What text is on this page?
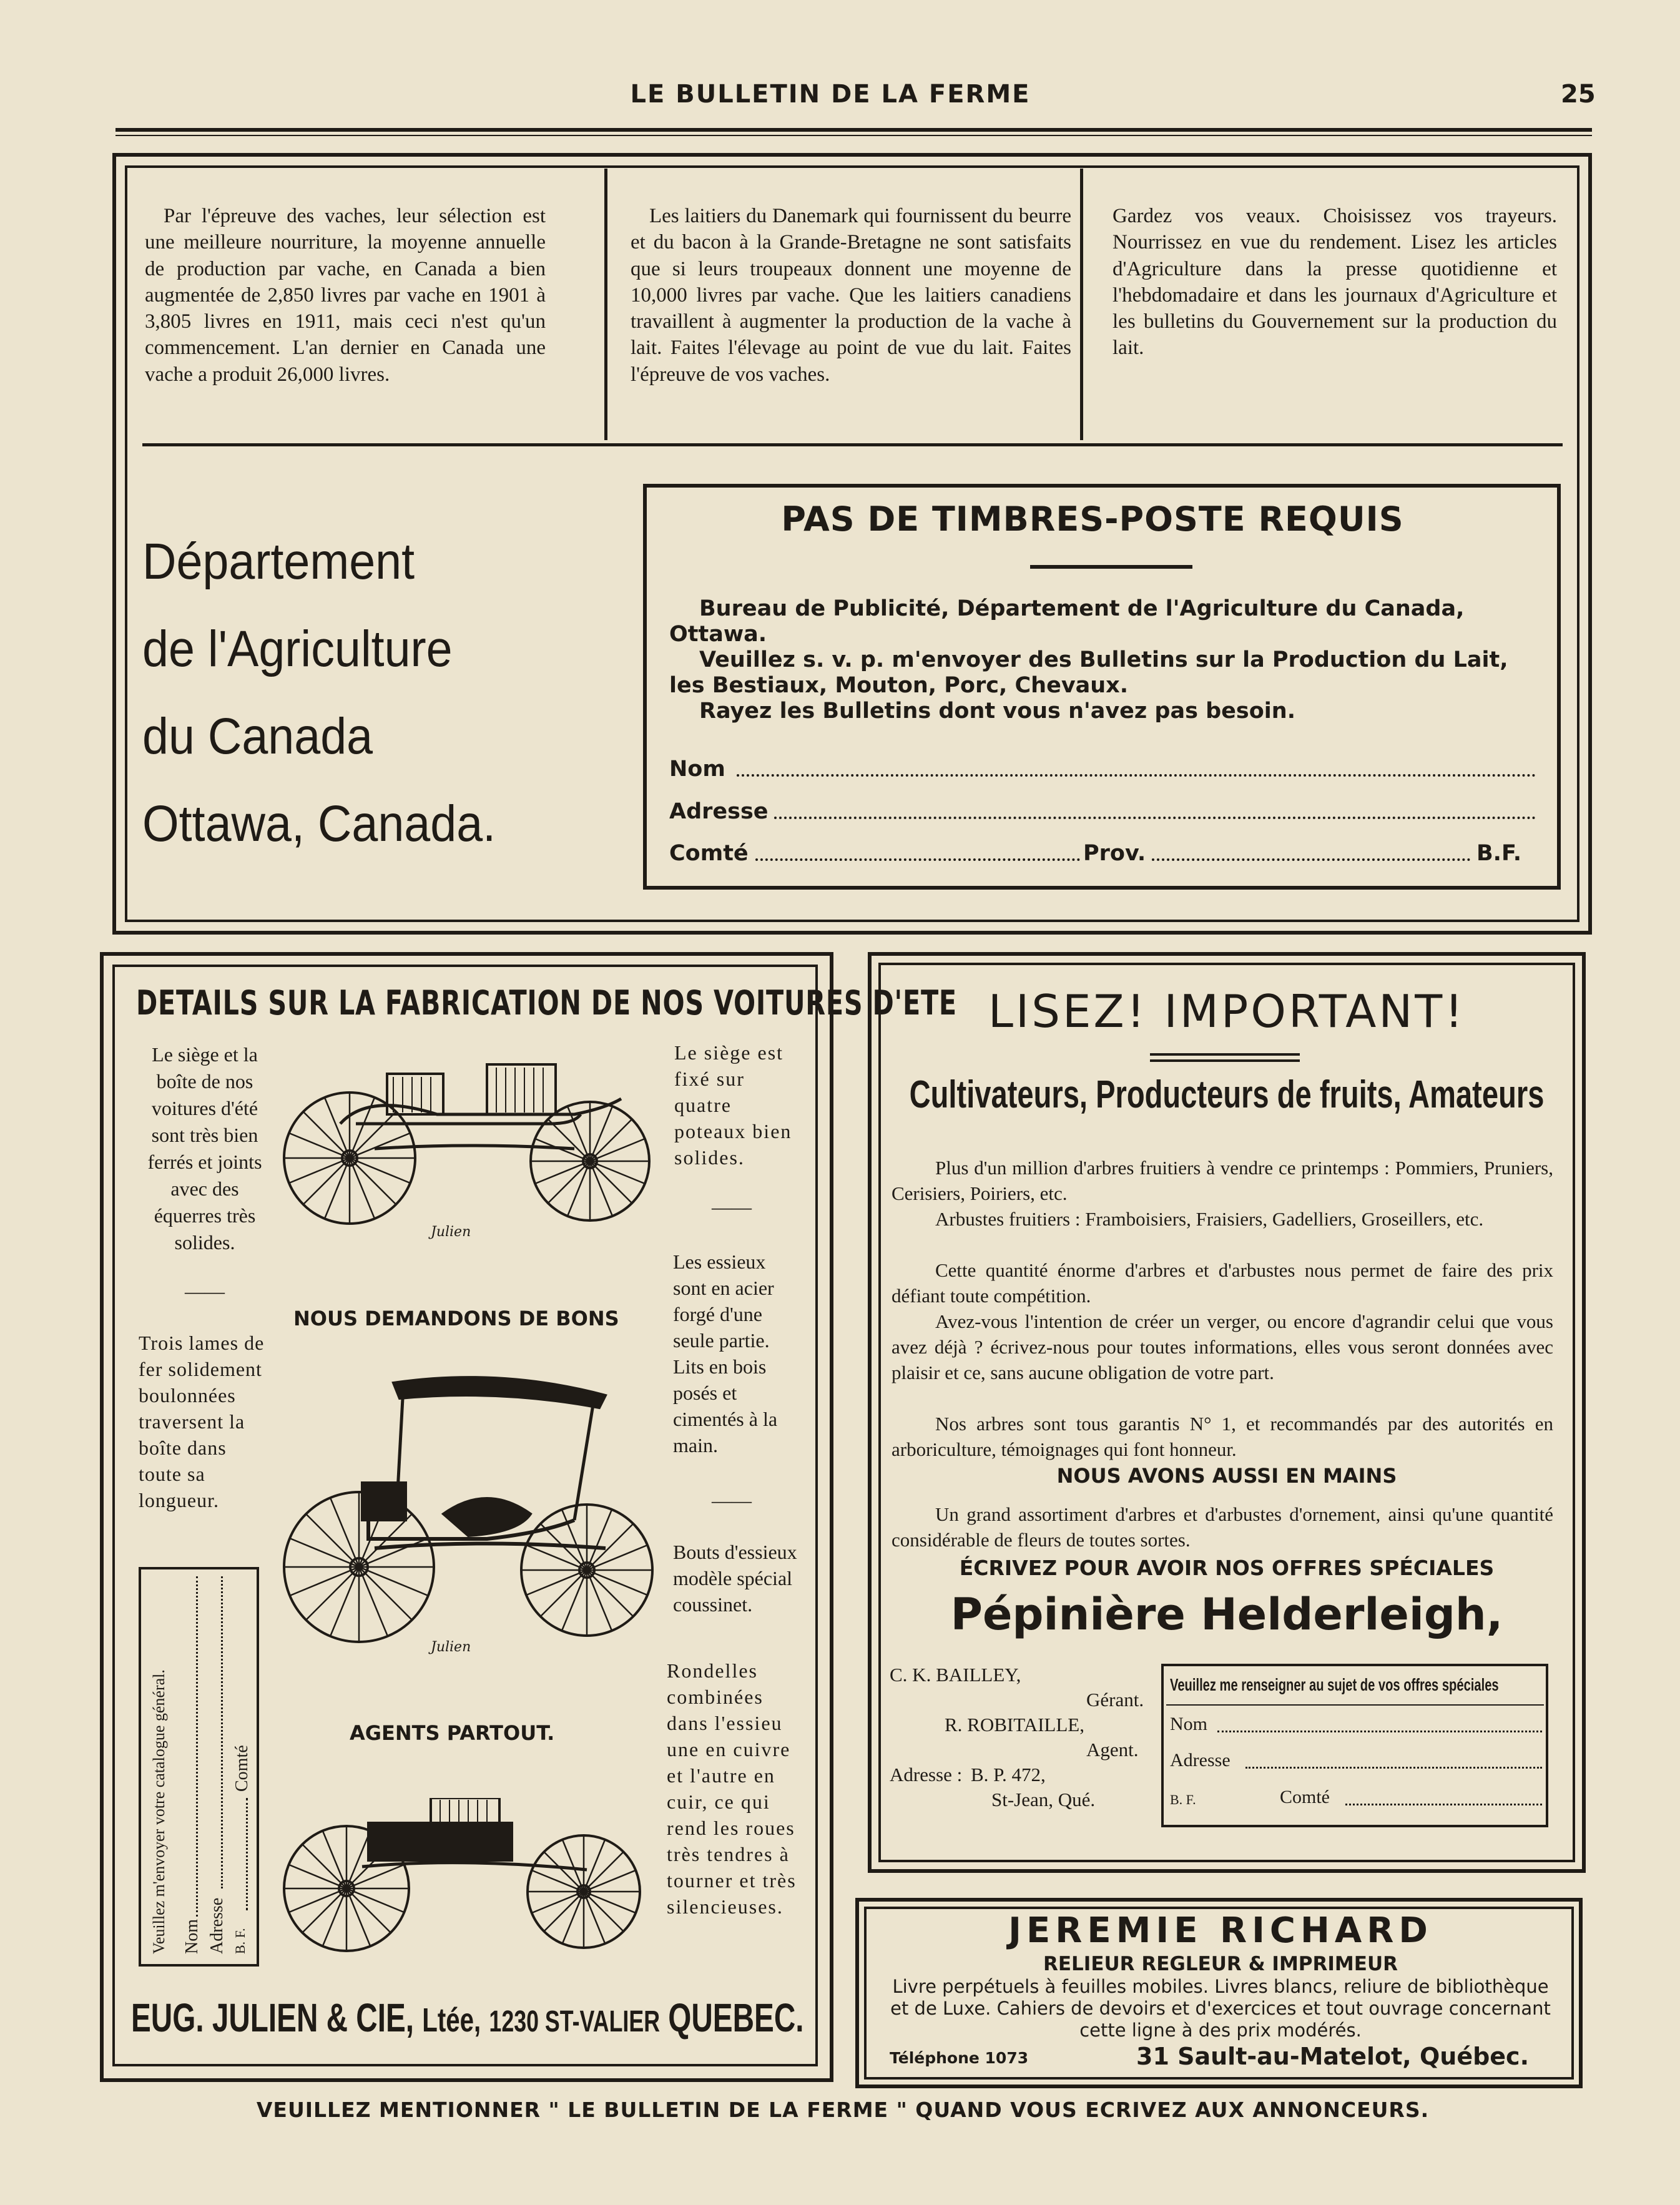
LE BULLETIN DE LA FERME	25

Par l'épreuve des vaches, leur sélection est une meilleure nourriture, la moyenne annuelle de production par vache, en Canada a bien augmentée de 2,850 livres par vache en 1901 à 3,805 livres en 1911, mais ceci n'est qu'un commencement. L'an dernier en Canada une vache a produit 26,000 livres.

Les laitiers du Danemark qui fournissent du beurre et du bacon à la Grande-Bretagne ne sont satisfaits que si leurs troupeaux donnent une moyenne de 10,000 livres par vache. Que les laitiers canadiens travaillent à augmenter la production de la vache à lait. Faites l'élevage au point de vue du lait. Faites l'épreuve de vos vaches.

Gardez vos veaux. Choisissez vos trayeurs. Nourrissez en vue du rendement. Lisez les articles d'Agriculture dans la presse quotidienne et l'hebdomadaire et dans les journaux d'Agriculture et les bulletins du Gouvernement sur la production du lait.

Département
de l'Agriculture
du Canada
Ottawa, Canada.
PAS DE TIMBRES-POSTE REQUIS

Bureau de Publicité, Département de l'Agriculture du Canada, Ottawa.

Veuillez s. v. p. m'envoyer des Bulletins sur la Production du Lait, les Bestiaux, Mouton, Porc, Chevaux.

Rayez les Bulletins dont vous n'avez pas besoin.

Nom
Adresse
Comté	Prov.	B.F.
DETAILS SUR LA FABRICATION DE NOS VOITURES D'ETE

Le siège et la boîte de nos voitures d'été sont très bien ferrés et joints avec des équerres très solides.

——

Trois lames de fer solidement boulonnées traversent la boîte dans toute sa longueur.

Le siège est fixé sur quatre poteaux bien solides.

——

Les essieux sont en acier forgé d'une seule partie. Lits en bois posés et cimentés à la main.

——

Bouts d'essieux modèle spécial coussinet.

Rondelles combinées dans l'essieu une en cuivre et l'autre en cuir, ce qui rend les roues très tendres à tourner et très silencieuses.

NOUS DEMANDONS DE BONS
AGENTS PARTOUT.
Julien
Julien
Veuillez m'envoyer votre catalogue général. Nom Adresse B. F.
Comté
EUG. JULIEN & CIE, Ltée, 1230 ST-VALIER QUEBEC.
LISEZ! IMPORTANT!
Cultivateurs, Producteurs de fruits, Amateurs

Plus d'un million d'arbres fruitiers à vendre ce printemps : Pommiers, Pruniers, Cerisiers, Poiriers, etc.

Arbustes fruitiers : Framboisiers, Fraisiers, Gadelliers, Groseillers, etc.

Cette quantité énorme d'arbres et d'arbustes nous permet de faire des prix défiant toute compétition.

Avez-vous l'intention de créer un verger, ou encore d'agrandir celui que vous avez déjà ? écrivez-nous pour toutes informations, elles vous seront données avec plaisir et ce, sans aucune obligation de votre part.

Nos arbres sont tous garantis N° 1, et recommandés par des autorités en arboriculture, témoignages qui font honneur.

NOUS AVONS AUSSI EN MAINS

Un grand assortiment d'arbres et d'arbustes d'ornement, ainsi qu'une quantité considérable de fleurs de toutes sortes.

ÉCRIVEZ POUR AVOIR NOS OFFRES SPÉCIALES
Pépinière Helderleigh,
C. K. BAILLEY,
Gérant.
R. ROBITAILLE,
Agent.
Adresse : B. P. 472,
St-Jean, Qué.
Veuillez me renseigner au sujet de vos offres spéciales
Nom
Adresse
B. F.	Comté
JEREMIE RICHARD
RELIEUR REGLEUR & IMPRIMEUR

Livre perpétuels à feuilles mobiles. Livres blancs, reliure de bibliothèque et de Luxe. Cahiers de devoirs et d'exercices et tout ouvrage concernant cette ligne à des prix modérés.

Téléphone 1073	31 Sault-au-Matelot, Québec.
VEUILLEZ MENTIONNER " LE BULLETIN DE LA FERME " QUAND VOUS ECRIVEZ AUX ANNONCEURS.
